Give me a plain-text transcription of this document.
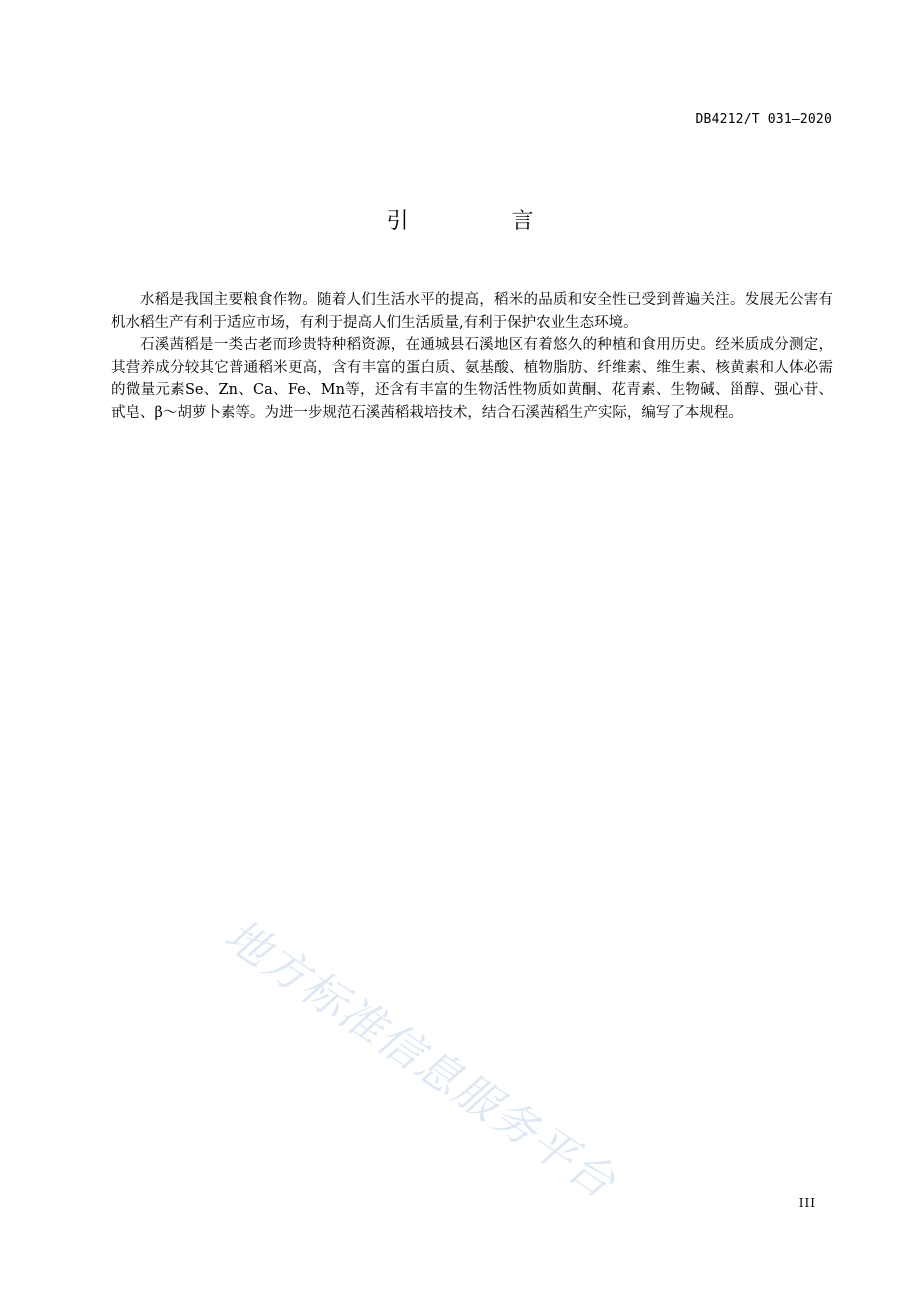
DB4212/T 031—2020
引 言

水稻是我国主要粮食作物。随着人们生活水平的提高，稻米的品质和安全性已受到普遍关注。发展无公害有机水稻生产有利于适应市场，有利于提高人们生活质量,有利于保护农业生态环境。

石溪茜稻是一类古老而珍贵特种稻资源，在通城县石溪地区有着悠久的种植和食用历史。经米质成分测定，其营养成分较其它普通稻米更高，含有丰富的蛋白质、氨基酸、植物脂肪、纤维素、维生素、核黄素和人体必需的微量元素Se、Zn、Ca、Fe、Mn等，还含有丰富的生物活性物质如黄酮、花青素、生物碱、甾醇、强心苷、甙皂、β～胡萝卜素等。为进一步规范石溪茜稻栽培技术，结合石溪茜稻生产实际，编写了本规程。

地方标准信息服务平台	III
